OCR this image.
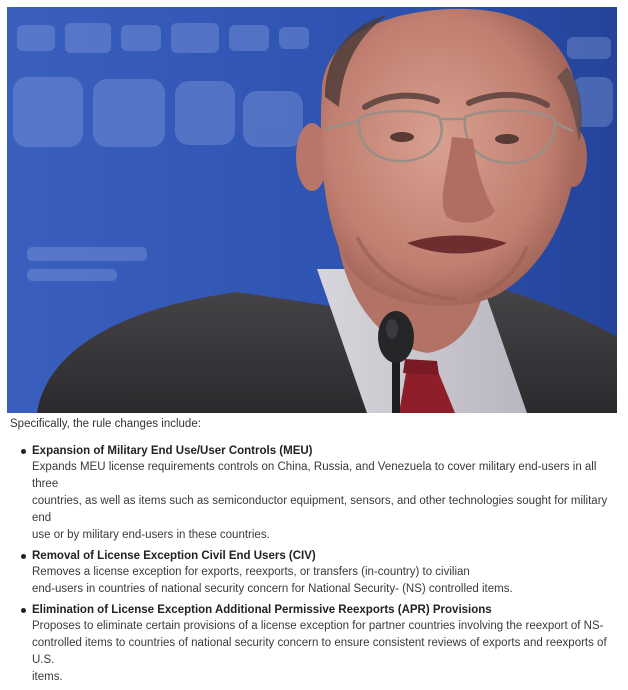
Specifically, the rule changes include:
Expansion of Military End Use/User Controls (MEU)
Expands MEU license requirements controls on China, Russia, and Venezuela to cover military end-users in all three
countries, as well as items such as semiconductor equipment, sensors, and other technologies sought for military end
use or by military end-users in these countries.
Removal of License Exception Civil End Users (CIV)
Removes a license exception for exports, reexports, or transfers (in-country) to civilian
end-users in countries of national security concern for National Security- (NS) controlled items.
Elimination of License Exception Additional Permissive Reexports (APR) Provisions
Proposes to eliminate certain provisions of a license exception for partner countries involving the reexport of NS-
controlled items to countries of national security concern to ensure consistent reviews of exports and reexports of U.S.
items.
